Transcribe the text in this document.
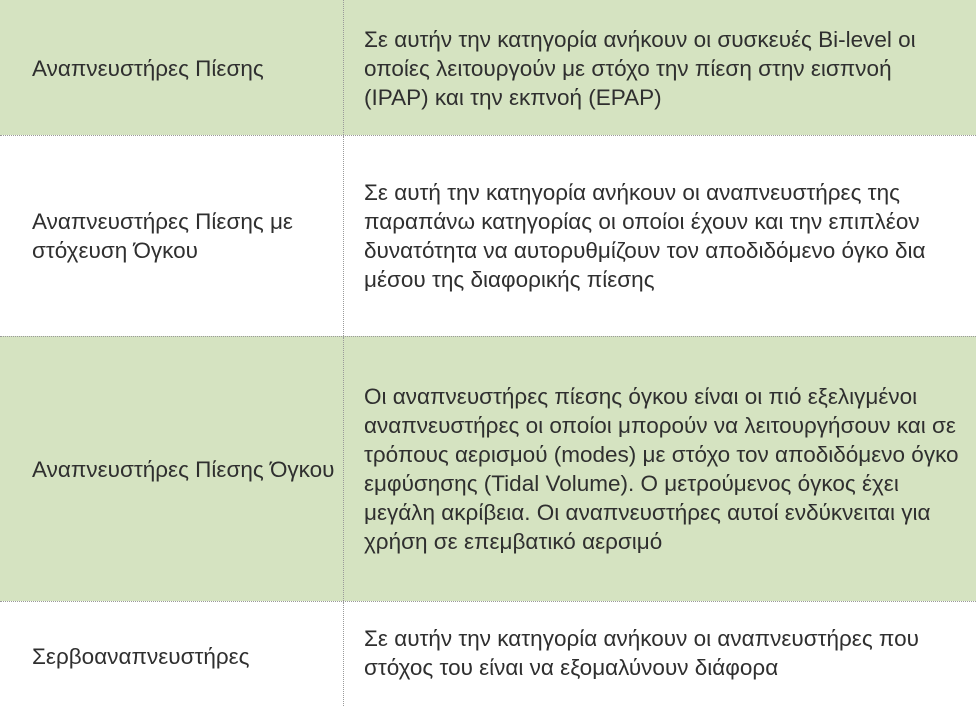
Αναπνευστήρες Πίεσης
Σε αυτήν την κατηγορία ανήκουν οι συσκευές Bi-level οι οποίες λειτουργούν με στόχο την πίεση στην εισπνοή (IPAP) και την εκπνοή (EPAP)
Αναπνευστήρες Πίεσης με στόχευση Όγκου
Σε αυτή την κατηγορία ανήκουν οι αναπνευστήρες της παραπάνω κατηγορίας οι οποίοι έχουν και την επιπλέον δυνατότητα να αυτορυθμίζουν τον αποδιδόμενο όγκο δια μέσου της διαφορικής πίεσης
Αναπνευστήρες Πίεσης Όγκου
Οι αναπνευστήρες πίεσης όγκου είναι οι πιό εξελιγμένοι αναπνευστήρες οι οποίοι μπορούν να λειτουργήσουν και σε τρόπους αερισμού (modes) με στόχο τον αποδιδόμενο όγκο εμφύσησης (Tidal Volume). Ο μετρούμενος όγκος έχει μεγάλη ακρίβεια. Οι αναπνευστήρες αυτοί ενδύκνειται για χρήση σε επεμβατικό αερσιμό
Σερβοαναπνευστήρες
Σε αυτήν την κατηγορία ανήκουν οι αναπνευστήρες που στόχος του είναι να εξομαλύνουν διάφορα
